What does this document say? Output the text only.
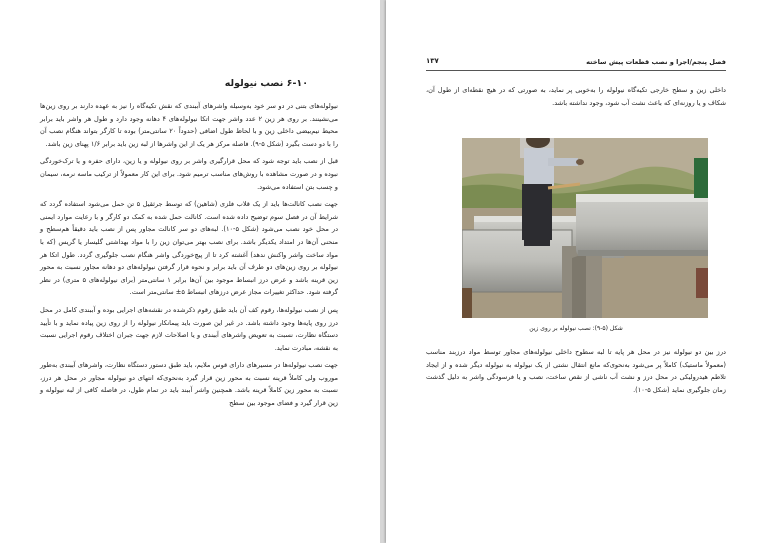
۶-۱۰ نصب نیولوله

نیولوله‌های بتنی در دو سر خود به‌وسیله واشرهای آببندی که نقش تکیه‌گاه را نیز به عهده دارند بر روی زین‌ها می‌نشینند. بر روی هر زین ۲ عدد واشر جهت اتکا نیولوله‌های ۴ دهانه وجود دارد و طول هر واشر باید برابر محیط نیم‌بیضی داخلی زین و با لحاظ طول اضافی (حدوداً ۲۰ سانتی‌متر) بوده تا کارگر بتواند هنگام نصب آن را با دو دست بگیرد (شکل ۵-۹). فاصله مرکز هر یک از این واشرها از لبه زین باید برابر ۱/۶ پهنای زین باشد.

قبل از نصب باید توجه شود که محل قرارگیری واشر بر روی نیولوله و یا زین، دارای حفره و یا ترک‌خوردگی نبوده و در صورت مشاهده با روش‌های مناسب ترمیم شود. برای این کار معمولاً از ترکیب ماسه نرمه، سیمان و چسب بتن استفاده می‌شود.

جهت نصب کانالت‌ها باید از یک قلاب فلزی (شاهین) که توسط جرثقیل ۵ تن حمل می‌شود استفاده گردد که شرایط آن در فصل سوم توضیح داده شده است. کانالت حمل شده به کمک دو کارگر و با رعایت موارد ایمنی در محل خود نصب می‌شود (شکل ۵-۱۰). لبه‌های دو سر کانالت مجاور پس از نصب باید دقیقاً هم‌سطح و منحنی آن‌ها در امتداد یکدیگر باشد. برای نصب بهتر می‌توان زین را با مواد بهداشتی گلیسار یا گریس (که با مواد ساخت واشر واکنش ندهد) آغشته کرد تا از پیچ‌خوردگی واشر هنگام نصب جلوگیری گردد. طول اتکا هر نیولوله بر روی زین‌های دو طرف آن باید برابر و نحوه قرار گرفتن نیولوله‌های دو دهانه مجاور نسبت به محور زین قرینه باشد و عرض درز انبساط موجود بین آن‌ها برابر ۱ سانتی‌متر (برای نیولوله‌های ۵ متری) در نظر گرفته شود. حداکثر تغییرات مجاز عرض درزهای انبساط ۵± سانتی‌متر است.

پس از نصب نیولوله‌ها، رقوم کف آن باید طبق رقوم ذکرشده در نقشه‌های اجرایی بوده و آببندی کامل در محل درز روی پایه‌ها وجود داشته باشد. در غیر این صورت باید پیمانکار نیولوله را از روی زین پیاده نماید و با تأیید دستگاه نظارت، نسبت به تعویض واشرهای آببندی و یا اصلاحات لازم جهت جبران اختلاف رقوم اجرایی نسبت به نقشه، مبادرت نماید.

جهت نصب نیولوله‌ها در مسیرهای دارای قوس ملایم، باید طبق دستور دستگاه نظارت، واشرهای آببندی به‌طور موروب ولی کاملاً قرینه نسبت به محور زین قرار گیرد به‌نحوی‌که انتهای دو نیولوله مجاور در محل هر درز، نسبت به محور زین کاملاً قرینه باشد. همچنین واشر آببند باید در تمام طول، در فاصله کافی از لبه نیولوله و زین قرار گیرد و فضای موجود بین سطح

فصل پنجم/اجرا و نصب قطعات پیش ساخته
۱۳۷

داخلی زین و سطح خارجی تکیه‌گاه نیولوله را به‌خوبی پر نماید، به صورتی که در هیچ نقطه‌ای از طول آن، شکاف و یا روزنه‌ای که باعث نشت آب شود، وجود نداشته باشد.

شکل (۵-۹): نصب نیولوله بر روی زین

درز بین دو نیولوله نیز در محل هر پایه تا لبه سطوح داخلی نیولوله‌های مجاور توسط مواد درزبند مناسب (معمولاً ماستیک) کاملاً پر می‌شود به‌نحوی‌که مانع انتقال نشتی از یک نیولوله به نیولوله دیگر شده و از ایجاد تلاطم هیدرولیکی در محل درز و نشت آب ناشی از نقص ساخت، نصب و یا فرسودگی واشر به دلیل گذشت زمان جلوگیری نماید (شکل ۵-۱۰).
